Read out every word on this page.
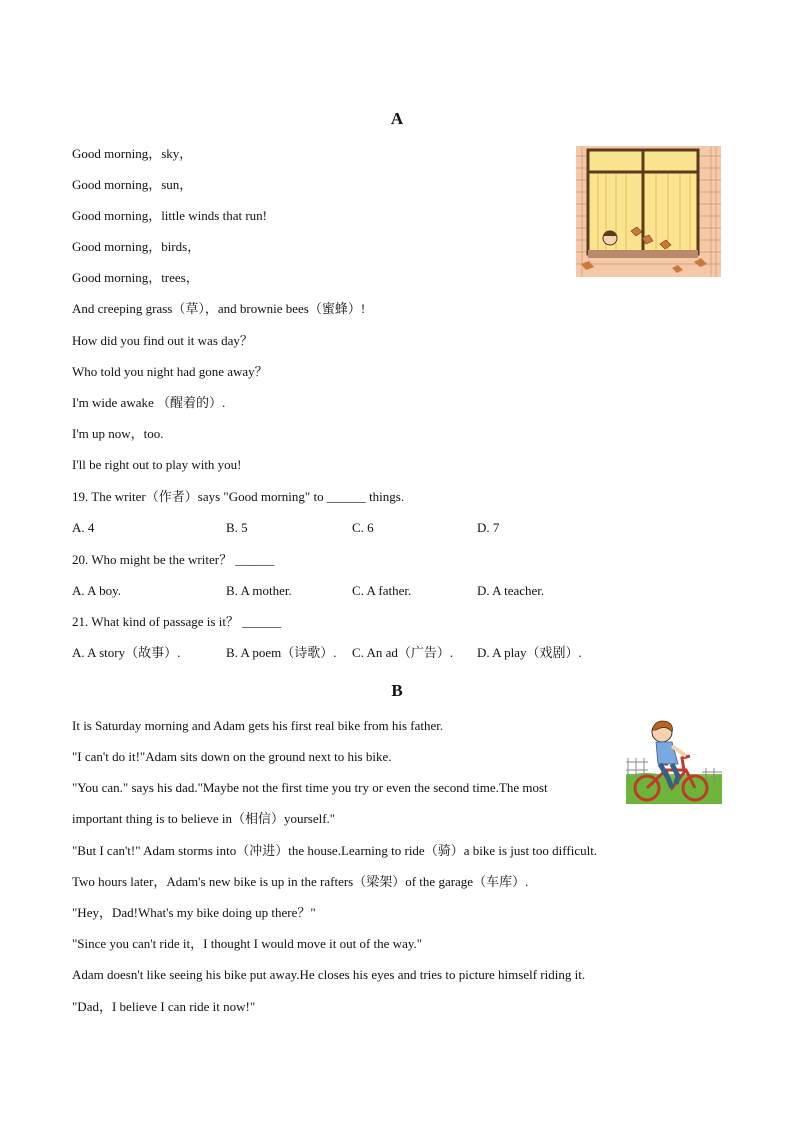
A
Good morning，sky，
Good morning，sun，
Good morning，little winds that run!
Good morning，birds，
Good morning，trees，
And creeping grass（草），and brownie bees（蜜蜂）!
How did you find out it was day？
Who told you night had gone away？
I'm wide awake （醒着的）.
I'm up now，too.
I'll be right out to play with you!
19. The writer（作者）says "Good morning" to ______ things.
A. 4	B. 5	C. 6	D. 7
20. Who might be the writer？ ______
A. A boy.	B. A mother.	C. A father.	D. A teacher.
21. What kind of passage is it？ ______
A. A story（故事）.	B. A poem（诗歌）. C. An ad（广告）. D. A play（戏剧）.
B
It is Saturday morning and Adam gets his first real bike from his father.
"I can't do it!"Adam sits down on the ground next to his bike.
"You can." says his dad."Maybe not the first time you try or even the second time.The most
important thing is to believe in（相信）yourself."
"But I can't!" Adam storms into（冲进）the house.Learning to ride（骑）a bike is just too difficult.
Two hours later，Adam's new bike is up in the rafters（梁架）of the garage（车库）.
"Hey，Dad!What's my bike doing up there？"
"Since you can't ride it，I thought I would move it out of the way."
Adam doesn't like seeing his bike put away.He closes his eyes and tries to picture himself riding it.
"Dad，I believe I can ride it now!"
